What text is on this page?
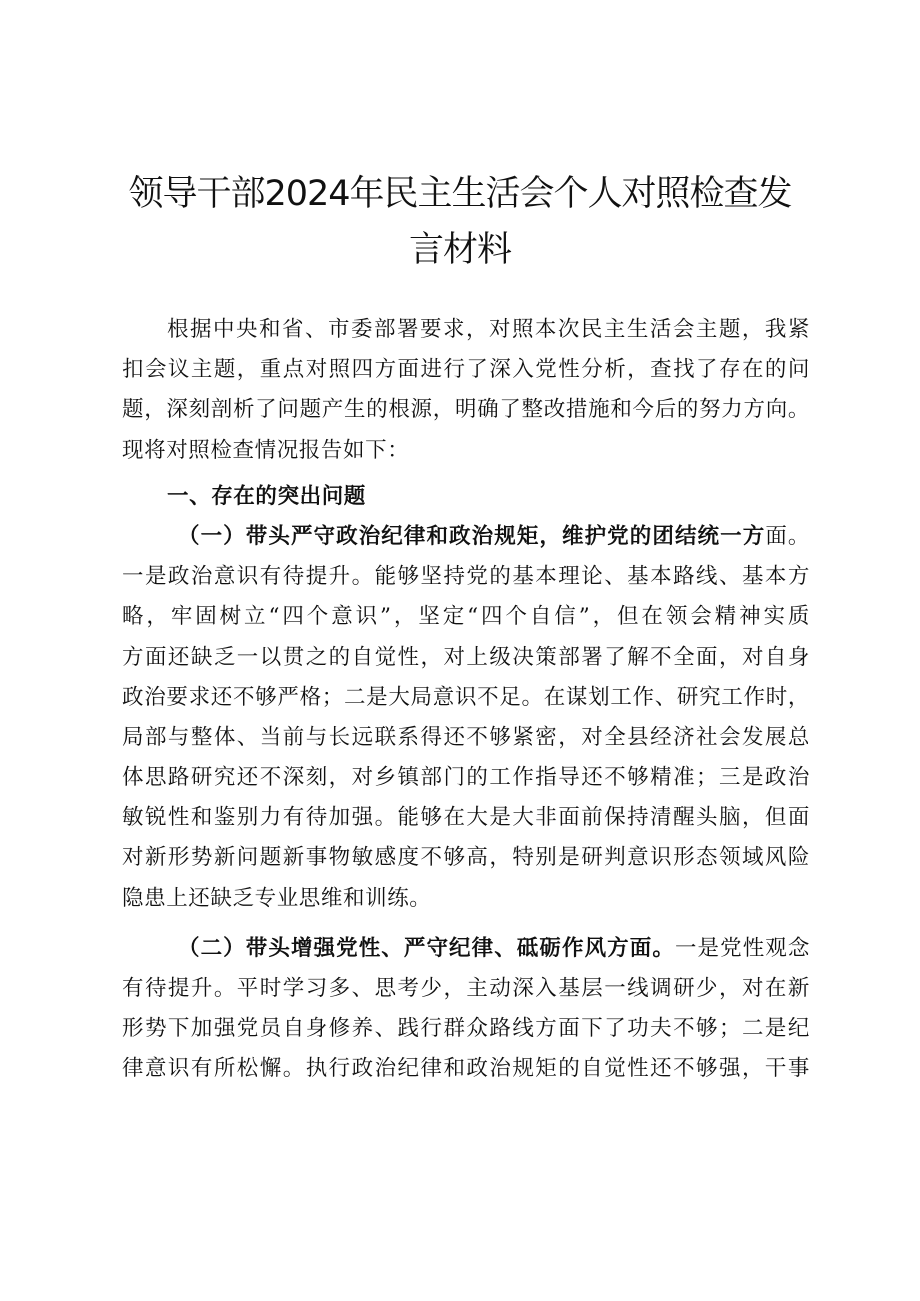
领导干部2024年民主生活会个人对照检查发
言材料
根据中央和省、市委部署要求，对照本次民主生活会主题，我紧
扣会议主题，重点对照四方面进行了深入党性分析，查找了存在的问
题，深刻剖析了问题产生的根源，明确了整改措施和今后的努力方向。
现将对照检查情况报告如下：
一、存在的突出问题
（一）带头严守政治纪律和政治规矩，维护党的团结统一方面。
一是政治意识有待提升。能够坚持党的基本理论、基本路线、基本方
略，牢固树立“四个意识”，坚定“四个自信”，但在领会精神实质
方面还缺乏一以贯之的自觉性，对上级决策部署了解不全面，对自身
政治要求还不够严格；二是大局意识不足。在谋划工作、研究工作时，
局部与整体、当前与长远联系得还不够紧密，对全县经济社会发展总
体思路研究还不深刻，对乡镇部门的工作指导还不够精准；三是政治
敏锐性和鉴别力有待加强。能够在大是大非面前保持清醒头脑，但面
对新形势新问题新事物敏感度不够高，特别是研判意识形态领域风险
隐患上还缺乏专业思维和训练。
（二）带头增强党性、严守纪律、砥砺作风方面。一是党性观念
有待提升。平时学习多、思考少，主动深入基层一线调研少，对在新
形势下加强党员自身修养、践行群众路线方面下了功夫不够；二是纪
律意识有所松懈。执行政治纪律和政治规矩的自觉性还不够强，干事
